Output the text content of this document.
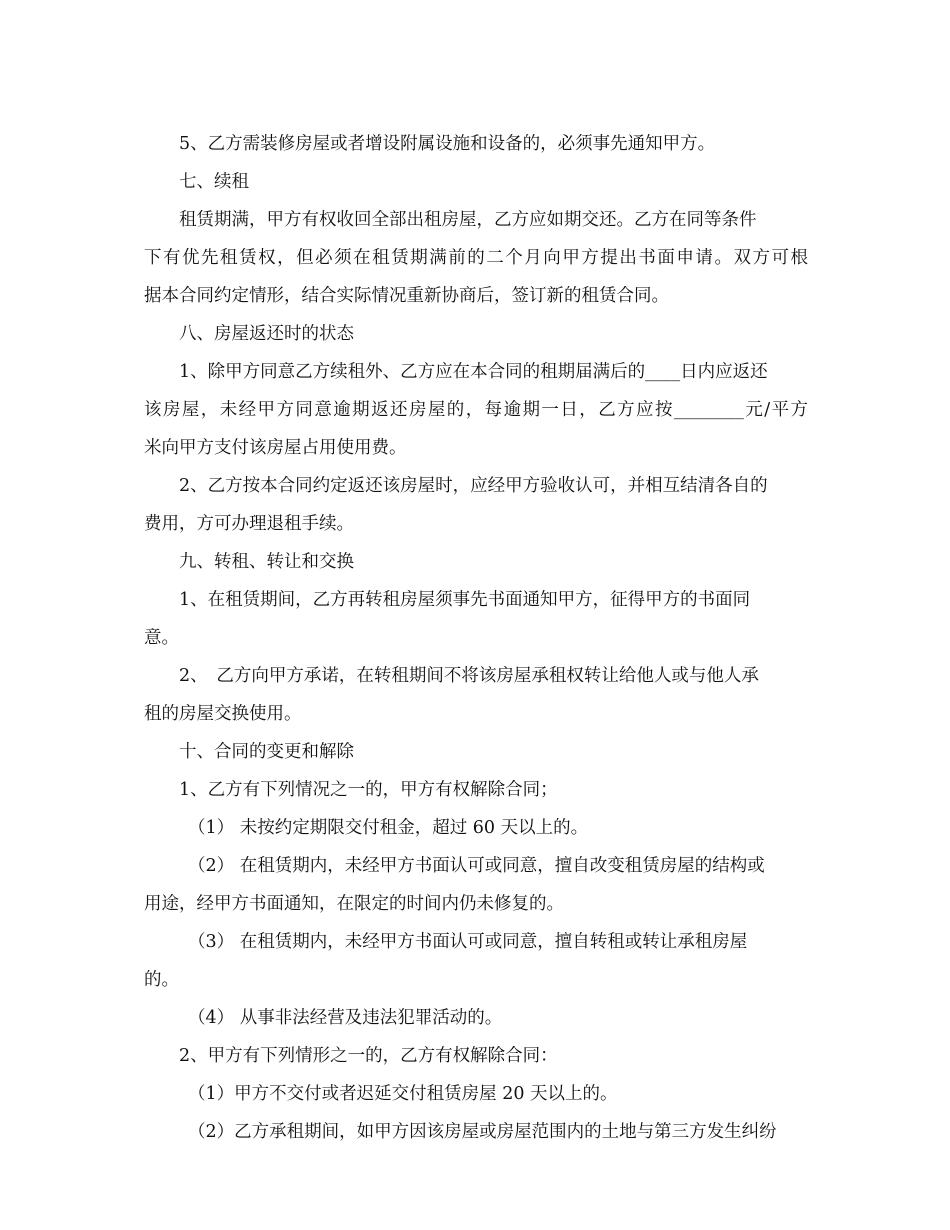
5、乙方需装修房屋或者增设附属设施和设备的，必须事先通知甲方。

七、续租

租赁期满，甲方有权收回全部出租房屋，乙方应如期交还。乙方在同等条件

下有优先租赁权，但必须在租赁期满前的二个月向甲方提出书面申请。双方可根

据本合同约定情形，结合实际情况重新协商后，签订新的租赁合同。

八、房屋返还时的状态

1、除甲方同意乙方续租外、乙方应在本合同的租期届满后的____日内应返还

该房屋，未经甲方同意逾期返还房屋的，每逾期一日，乙方应按________元/平方

米向甲方支付该房屋占用使用费。

2、乙方按本合同约定返还该房屋时，应经甲方验收认可，并相互结清各自的

费用，方可办理退租手续。

九、转租、转让和交换

1、在租赁期间，乙方再转租房屋须事先书面通知甲方，征得甲方的书面同

意。

2、　乙方向甲方承诺，在转租期间不将该房屋承租权转让给他人或与他人承

租的房屋交换使用。

十、合同的变更和解除

1、乙方有下列情况之一的，甲方有权解除合同；

（1） 未按约定期限交付租金，超过 60 天以上的。

（2） 在租赁期内，未经甲方书面认可或同意，擅自改变租赁房屋的结构或

用途，经甲方书面通知，在限定的时间内仍未修复的。

（3） 在租赁期内，未经甲方书面认可或同意，擅自转租或转让承租房屋

的。

（4） 从事非法经营及违法犯罪活动的。

2、甲方有下列情形之一的，乙方有权解除合同：

（1）甲方不交付或者迟延交付租赁房屋 20 天以上的。

（2）乙方承租期间，如甲方因该房屋或房屋范围内的土地与第三方发生纠纷
